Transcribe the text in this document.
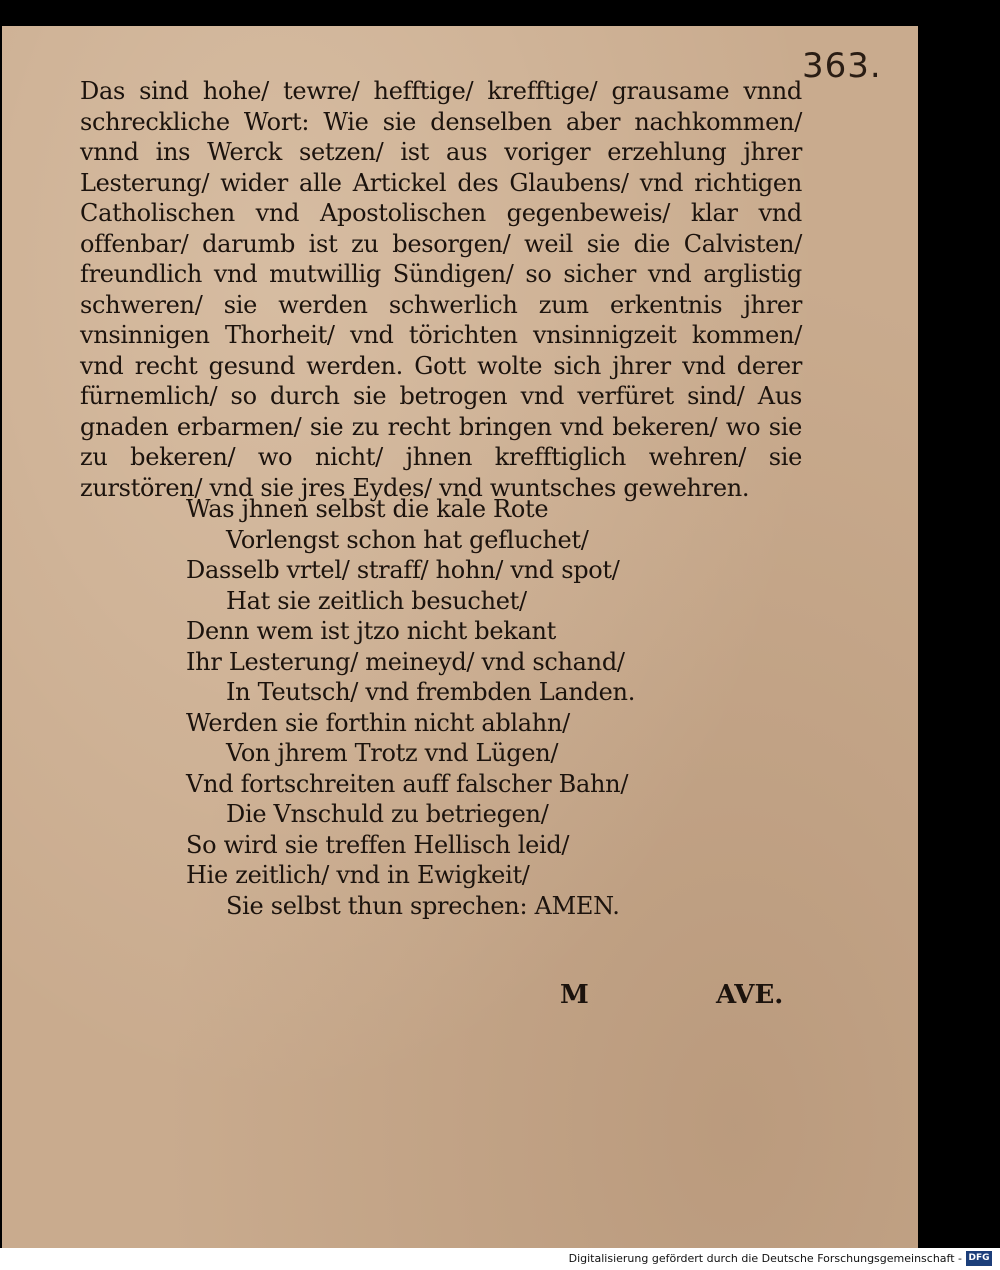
363.

Das sind hohe/ tewre/ hefftige/ krefftige/ grausame vnnd schreckliche Wort: Wie sie denselben aber nachkommen/ vnnd ins Werck setzen/ ist aus voriger erzehlung jhrer Lesterung/ wider alle Artickel des Glaubens/ vnd richtigen Catholischen vnd Apostolischen gegenbeweis/ klar vnd offenbar/ darumb ist zu besorgen/ weil sie die Calvisten/ freundlich vnd mutwillig Sündigen/ so sicher vnd arglistig schweren/ sie werden schwerlich zum erkentnis jhrer vnsinnigen Thorheit/ vnd törichten vnsinnigzeit kommen/ vnd recht gesund werden. Gott wolte sich jhrer vnd derer fürnemlich/ so durch sie betrogen vnd verfüret sind/ Aus gnaden erbarmen/ sie zu recht bringen vnd bekeren/ wo sie zu bekeren/ wo nicht/ jhnen krefftiglich wehren/ sie zurstören/ vnd sie jres Eydes/ vnd wuntsches gewehren.

Was jhnen selbst die kale Rote
Vorlengst schon hat gefluchet/
Dasselb vrtel/ straff/ hohn/ vnd spot/
Hat sie zeitlich besuchet/
Denn wem ist jtzo nicht bekant
Ihr Lesterung/ meineyd/ vnd schand/
In Teutsch/ vnd frembden Landen.
Werden sie forthin nicht ablahn/
Von jhrem Trotz vnd Lügen/
Vnd fortschreiten auff falscher Bahn/
Die Vnschuld zu betriegen/
So wird sie treffen Hellisch leid/
Hie zeitlich/ vnd in Ewigkeit/
Sie selbst thun sprechen: AMEN.
M	AVE.
Digitalisierung gefördert durch die Deutsche Forschungsgemeinschaft - DFG
